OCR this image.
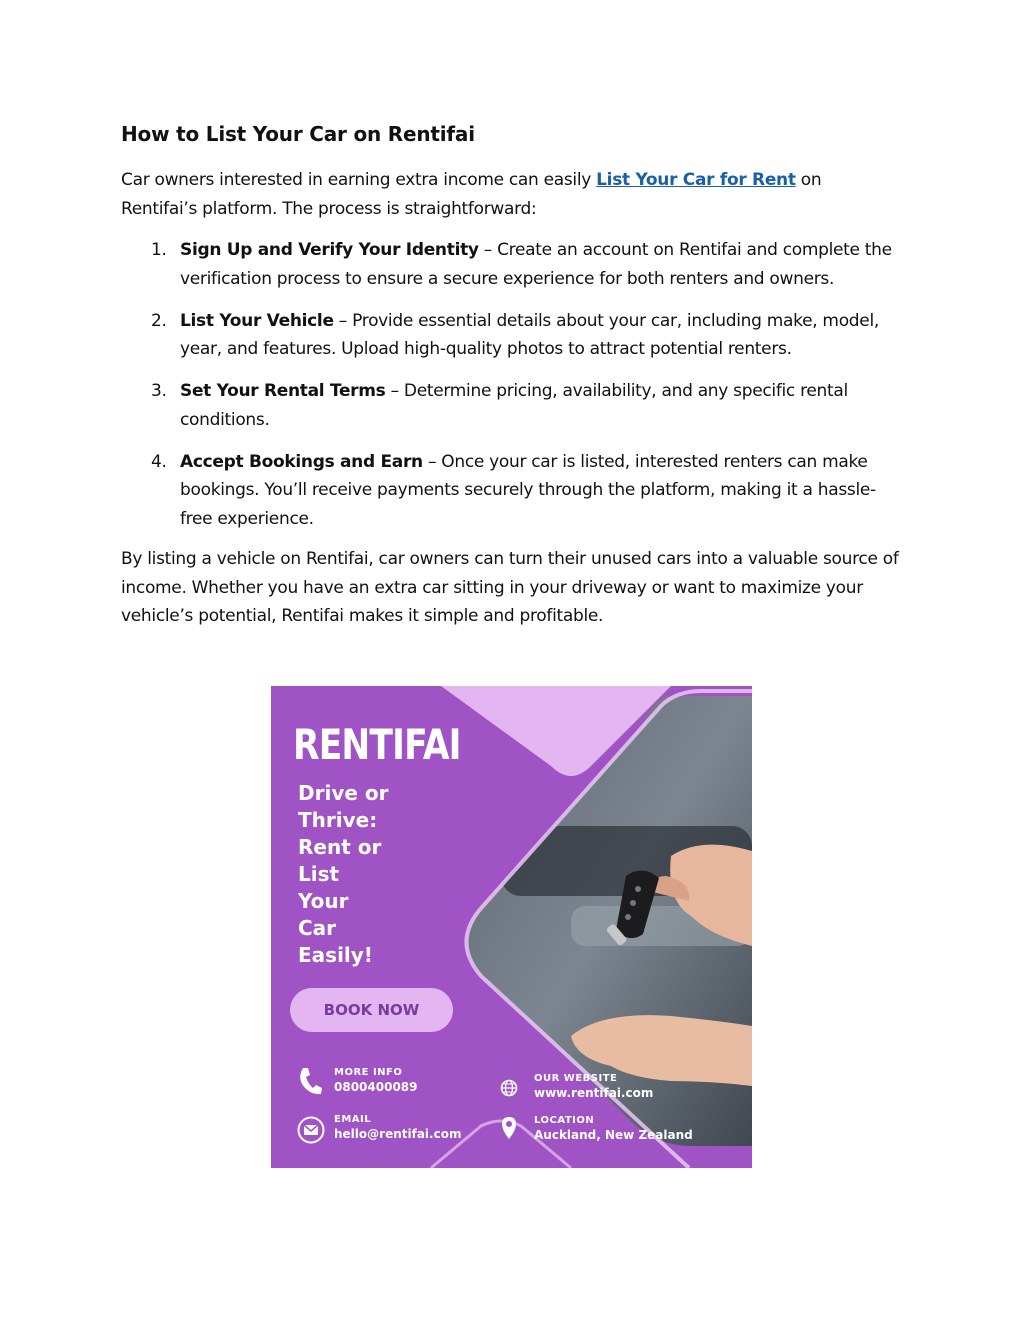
How to List Your Car on Rentifai

Car owners interested in earning extra income can easily List Your Car for Rent on Rentifai’s platform. The process is straightforward:

1. Sign Up and Verify Your Identity – Create an account on Rentifai and complete the verification process to ensure a secure experience for both renters and owners.
2. List Your Vehicle – Provide essential details about your car, including make, model, year, and features. Upload high-quality photos to attract potential renters.
3. Set Your Rental Terms – Determine pricing, availability, and any specific rental conditions.
4. Accept Bookings and Earn – Once your car is listed, interested renters can make bookings. You’ll receive payments securely through the platform, making it a hassle-free experience.

By listing a vehicle on Rentifai, car owners can turn their unused cars into a valuable source of income. Whether you have an extra car sitting in your driveway or want to maximize your vehicle’s potential, Rentifai makes it simple and profitable.

RENTIFAI
Drive or
Thrive:
Rent or
List
Your
Car
Easily!
BOOK NOW
MORE INFO
0800400089
EMAIL
hello@rentifai.com
OUR WEBSITE
www.rentifai.com
LOCATION
Auckland, New Zealand
